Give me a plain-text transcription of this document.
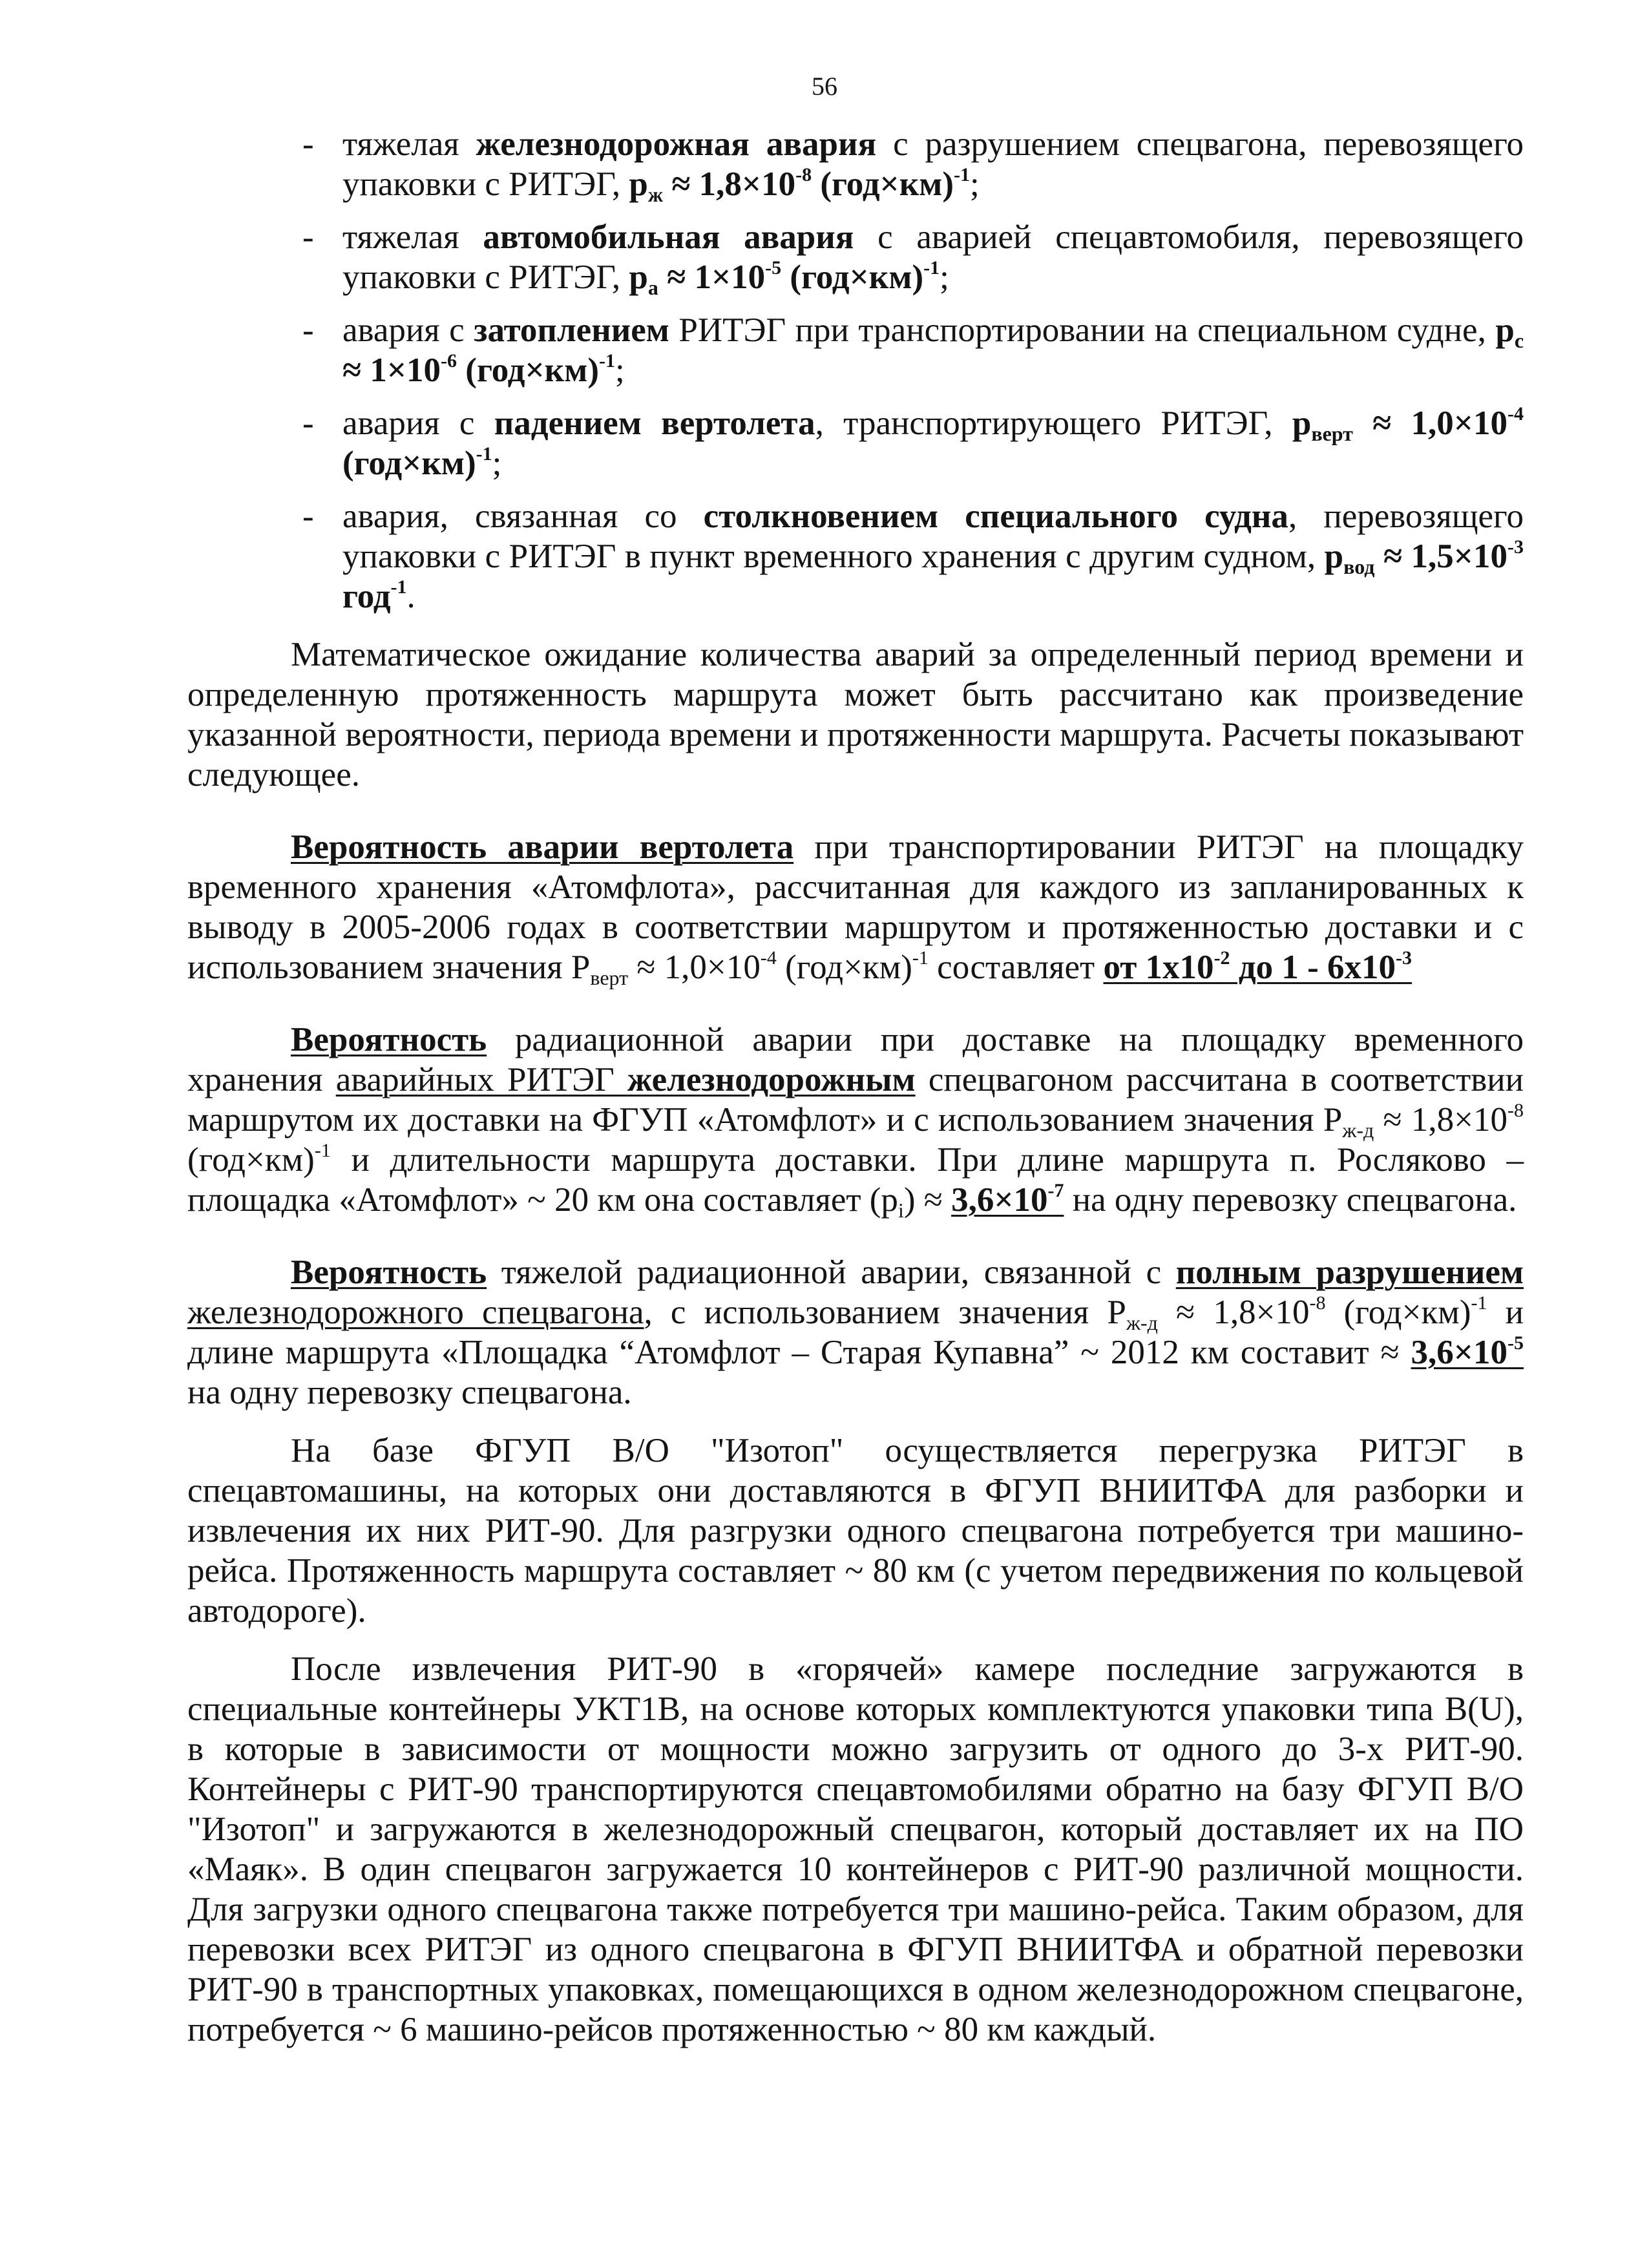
56
- тяжелая железнодорожная авария с разрушением спецвагона, перевозящего упаковки с РИТЭГ, $р_ж \approx 1,8\times 10^{-8}$ $(год\times км)^{-1}$;
- тяжелая автомобильная авария с аварией спецавтомобиля, перевозящего упаковки с РИТЭГ, $р_а \approx 1\times 10^{-5}$ $(год\times км)^{-1}$;
- авария с затоплением РИТЭГ при транспортировании на специальном судне, $р_с \approx 1\times 10^{-6}$ $(год\times км)^{-1}$;
- авария с падением вертолета, транспортирующего РИТЭГ, $р_{верт} \approx 1,0\times 10^{-4}$ $(год\times км)^{-1}$;
- авария, связанная со столкновением специального судна, перевозящего упаковки с РИТЭГ в пункт временного хранения с другим судном, $р_{вод} \approx 1,5\times 10^{-3}$ год$^{-1}$.

Математическое ожидание количества аварий за определенный период времени и определенную протяженность маршрута может быть рассчитано как произведение указанной вероятности, периода времени и протяженности маршрута. Расчеты показывают следующее.

Вероятность аварии вертолета при транспортировании РИТЭГ на площадку временного хранения «Атомфлота», рассчитанная для каждого из запланированных к выводу в 2005-2006 годах в соответствии маршрутом и протяженностью доставки и с использованием значения $Р_{верт} \approx 1,0\times 10^{-4}$ $(год\times км)^{-1}$ составляет от $1х10^{-2}$ до $1 - 6х10^{-3}$

Вероятность радиационной аварии при доставке на площадку временного хранения аварийных РИТЭГ железнодорожным спецвагоном рассчитана в соответствии маршрутом их доставки на ФГУП «Атомфлот» и с использованием значения $Р_{ж-д} \approx 1,8\times 10^{-8}$ $(год\times км)^{-1}$ и длительности маршрута доставки. При длине маршрута п. Росляково – площадка «Атомфлот» ~ 20 км она составляет $(р_i) \approx 3,6\times 10^{-7}$ на одну перевозку спецвагона.

Вероятность тяжелой радиационной аварии, связанной с полным разрушением железнодорожного спецвагона, с использованием значения $Р_{ж-д} \approx 1,8\times 10^{-8}$ $(год\times км)^{-1}$ и длине маршрута «Площадка “Атомфлот – Старая Купавна” ~ 2012 км составит ≈ $3,6\times 10^{-5}$ на одну перевозку спецвагона.

На базе ФГУП В/О "Изотоп" осуществляется перегрузка РИТЭГ в спецавтомашины, на которых они доставляются в ФГУП ВНИИТФА для разборки и извлечения их них РИТ-90. Для разгрузки одного спецвагона потребуется три машино-рейса. Протяженность маршрута составляет ~ 80 км (с учетом передвижения по кольцевой автодороге).

После извлечения РИТ-90 в «горячей» камере последние загружаются в специальные контейнеры УКТ1В, на основе которых комплектуются упаковки типа В(U), в которые в зависимости от мощности можно загрузить от одного до 3-х РИТ-90. Контейнеры с РИТ-90 транспортируются спецавтомобилями обратно на базу ФГУП В/О "Изотоп" и загружаются в железнодорожный спецвагон, который доставляет их на ПО «Маяк». В один спецвагон загружается 10 контейнеров с РИТ-90 различной мощности. Для загрузки одного спецвагона также потребуется три машино-рейса. Таким образом, для перевозки всех РИТЭГ из одного спецвагона в ФГУП ВНИИТФА и обратной перевозки РИТ-90 в транспортных упаковках, помещающихся в одном железнодорожном спецвагоне, потребуется ~ 6 машино-рейсов протяженностью ~ 80 км каждый.
